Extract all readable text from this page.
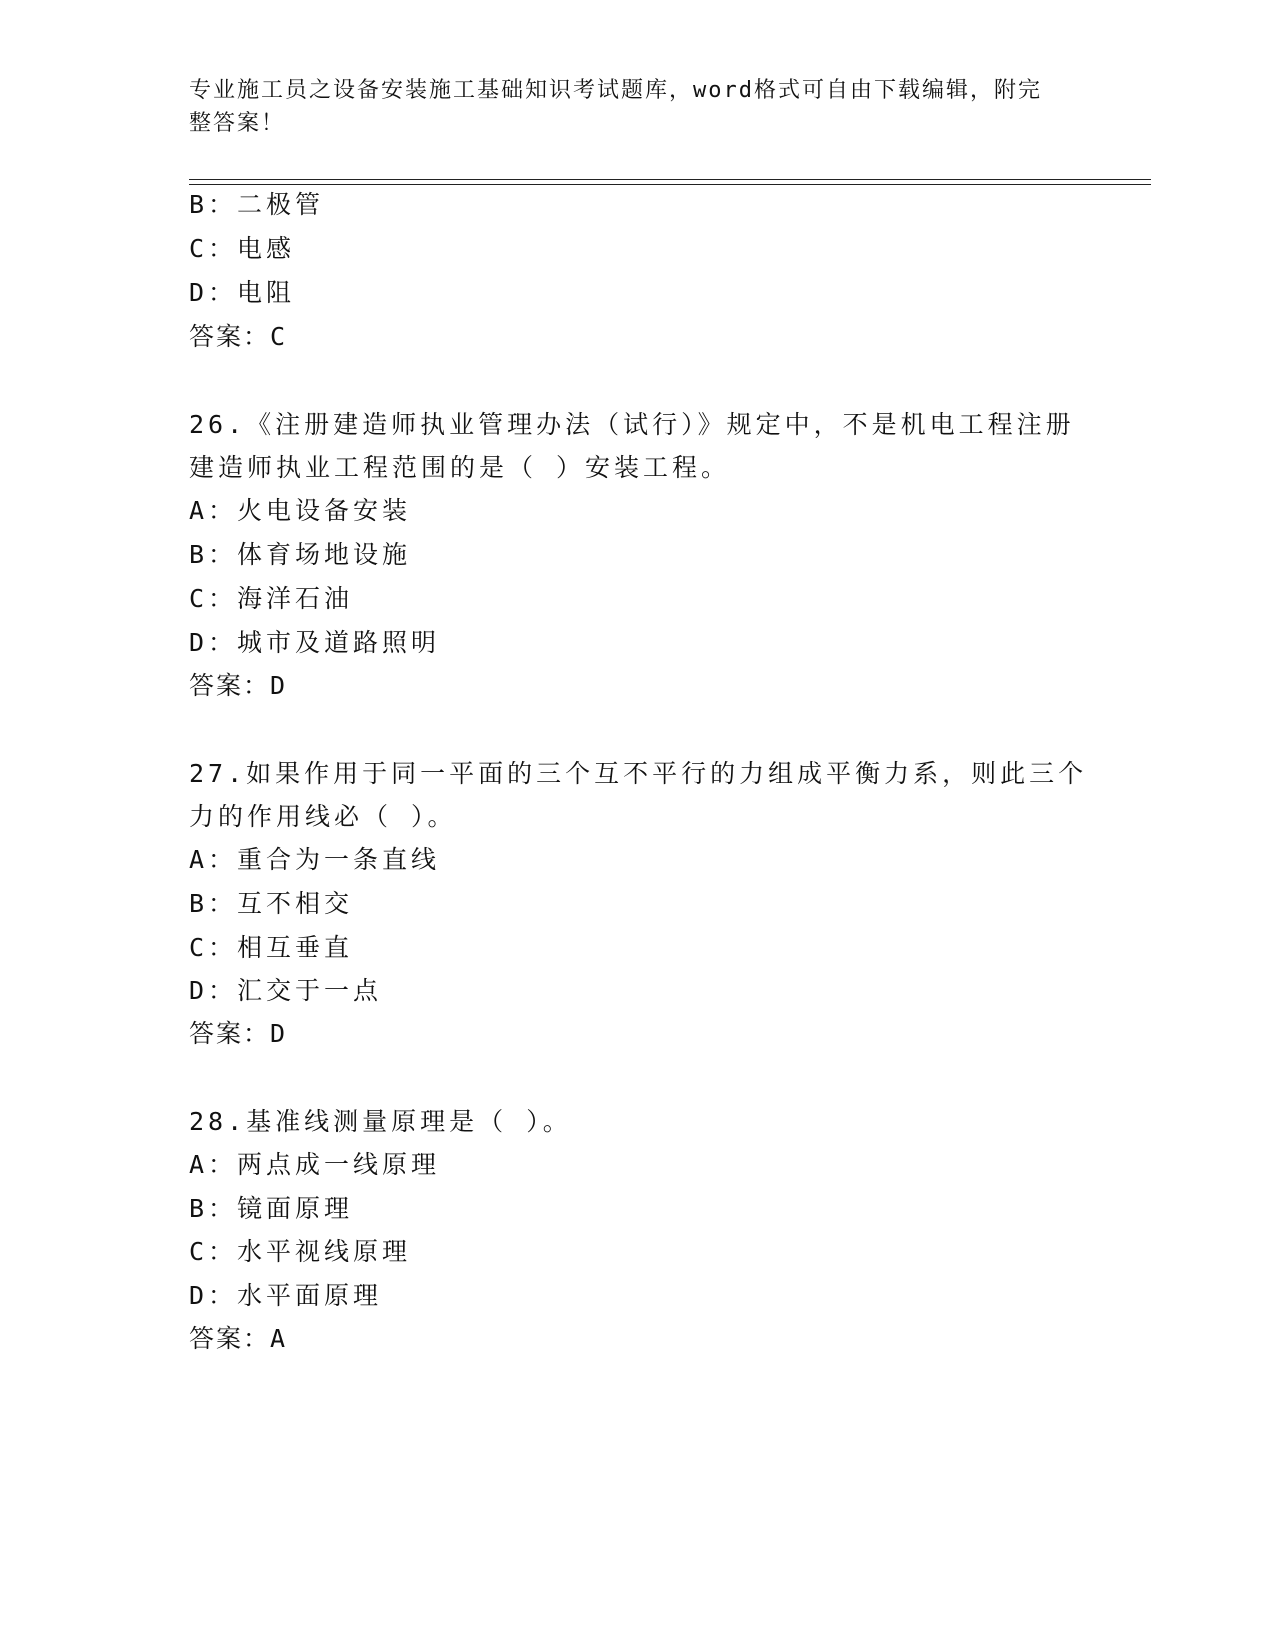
专业施工员之设备安装施工基础知识考试题库，word格式可自由下载编辑，附完
整答案！
B：二极管
C：电感
D：电阻
答案：C
26.《注册建造师执业管理办法（试行）》规定中，不是机电工程注册
建造师执业工程范围的是（ ）安装工程。
A：火电设备安装
B：体育场地设施
C：海洋石油
D：城市及道路照明
答案：D
27.如果作用于同一平面的三个互不平行的力组成平衡力系，则此三个
力的作用线必（ ）。
A：重合为一条直线
B：互不相交
C：相互垂直
D：汇交于一点
答案：D
28.基准线测量原理是（ ）。
A：两点成一线原理
B：镜面原理
C：水平视线原理
D：水平面原理
答案：A
